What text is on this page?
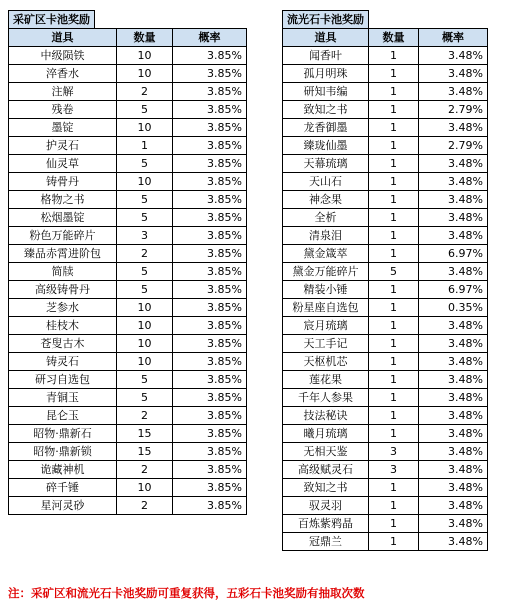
采矿区卡池奖励
道具	数量	概率
中级陨铁	10	3.85%
淬香水	10	3.85%
注解	2	3.85%
残卷	5	3.85%
墨锭	10	3.85%
护灵石	1	3.85%
仙灵草	5	3.85%
铸骨丹	10	3.85%
格物之书	5	3.85%
松烟墨锭	5	3.85%
粉色万能碎片	3	3.85%
臻品赤霄进阶包	2	3.85%
简牍	5	3.85%
高级铸骨丹	5	3.85%
芝参水	10	3.85%
桂枝木	10	3.85%
苍叟古木	10	3.85%
铸灵石	10	3.85%
研习自选包	5	3.85%
青铜玉	5	3.85%
昆仑玉	2	3.85%
昭物·鼎新石	15	3.85%
昭物·鼎新锁	15	3.85%
诡藏神机	2	3.85%
碎千锤	10	3.85%
星河灵砂	2	3.85%
流光石卡池奖励
道具	数量	概率
闻香叶	1	3.48%
孤月明珠	1	3.48%
研知韦编	1	3.48%
致知之书	1	2.79%
龙香御墨	1	3.48%
臻珑仙墨	1	2.79%
天幕琉璃	1	3.48%
天山石	1	3.48%
神念果	1	3.48%
全析	1	3.48%
清泉泪	1	3.48%
黛金箴萃	1	6.97%
黛金万能碎片	5	3.48%
精装小锤	1	6.97%
粉星座自选包	1	0.35%
宸月琉璃	1	3.48%
天工手记	1	3.48%
天枢机芯	1	3.48%
莲花果	1	3.48%
千年人参果	1	3.48%
技法秘诀	1	3.48%
曦月琉璃	1	3.48%
无相天鉴	3	3.48%
高级赋灵石	3	3.48%
致知之书	1	3.48%
驭灵羽	1	3.48%
百炼紫鸦晶	1	3.48%
冠鼎兰	1	3.48%
注：采矿区和流光石卡池奖励可重复获得，五彩石卡池奖励有抽取次数
